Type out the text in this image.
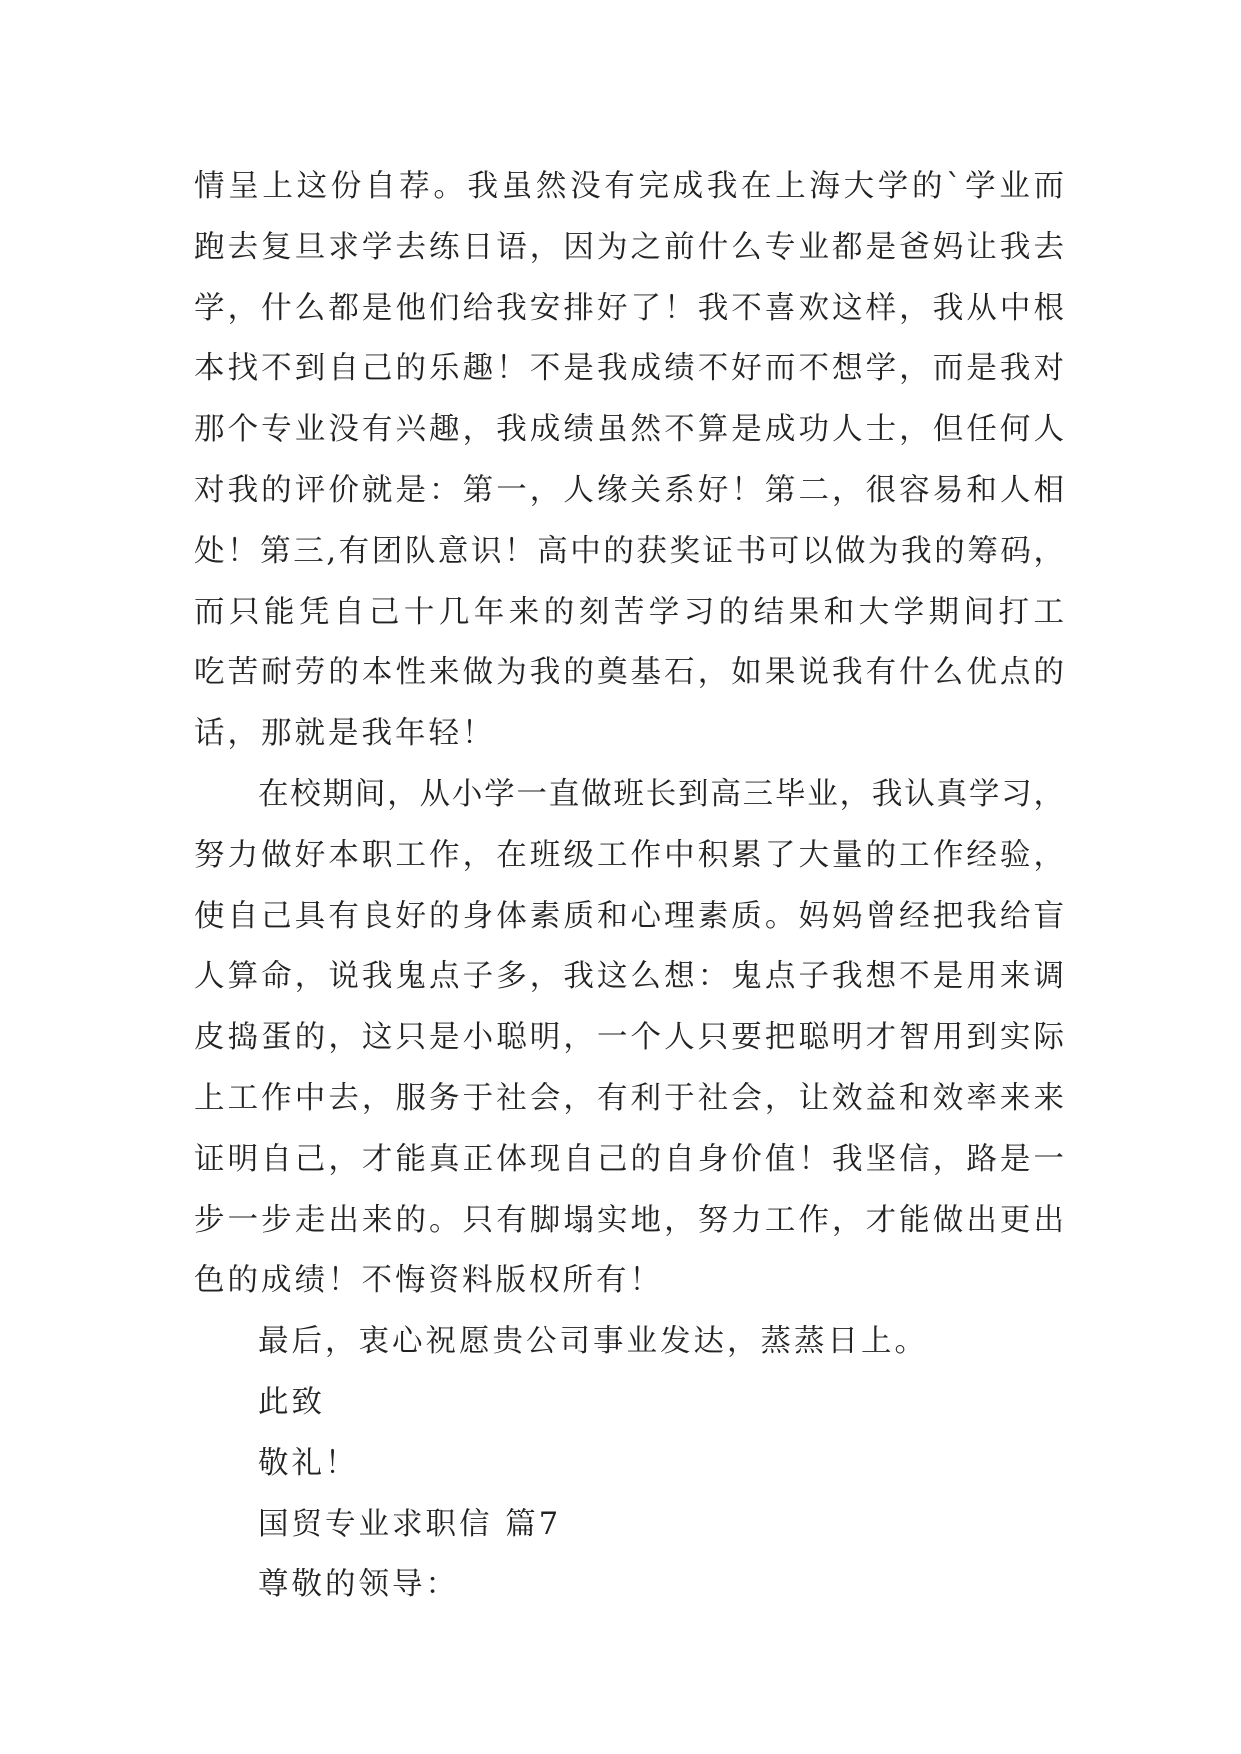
情呈上这份自荐。我虽然没有完成我在上海大学的`学业而
跑去复旦求学去练日语，因为之前什么专业都是爸妈让我去
学，什么都是他们给我安排好了！我不喜欢这样，我从中根
本找不到自己的乐趣！不是我成绩不好而不想学，而是我对
那个专业没有兴趣，我成绩虽然不算是成功人士，但任何人
对我的评价就是：第一，人缘关系好！第二，很容易和人相
处！第三,有团队意识！高中的获奖证书可以做为我的筹码，
而只能凭自己十几年来的刻苦学习的结果和大学期间打工
吃苦耐劳的本性来做为我的奠基石，如果说我有什么优点的
话，那就是我年轻！
在校期间，从小学一直做班长到高三毕业，我认真学习，
努力做好本职工作，在班级工作中积累了大量的工作经验，
使自己具有良好的身体素质和心理素质。妈妈曾经把我给盲
人算命，说我鬼点子多，我这么想：鬼点子我想不是用来调
皮捣蛋的，这只是小聪明，一个人只要把聪明才智用到实际
上工作中去，服务于社会，有利于社会，让效益和效率来来
证明自己，才能真正体现自己的自身价值！我坚信，路是一
步一步走出来的。只有脚塌实地，努力工作，才能做出更出
色的成绩！不悔资料版权所有！
最后，衷心祝愿贵公司事业发达，蒸蒸日上。
此致
敬礼！
国贸专业求职信 篇7
尊敬的领导：
